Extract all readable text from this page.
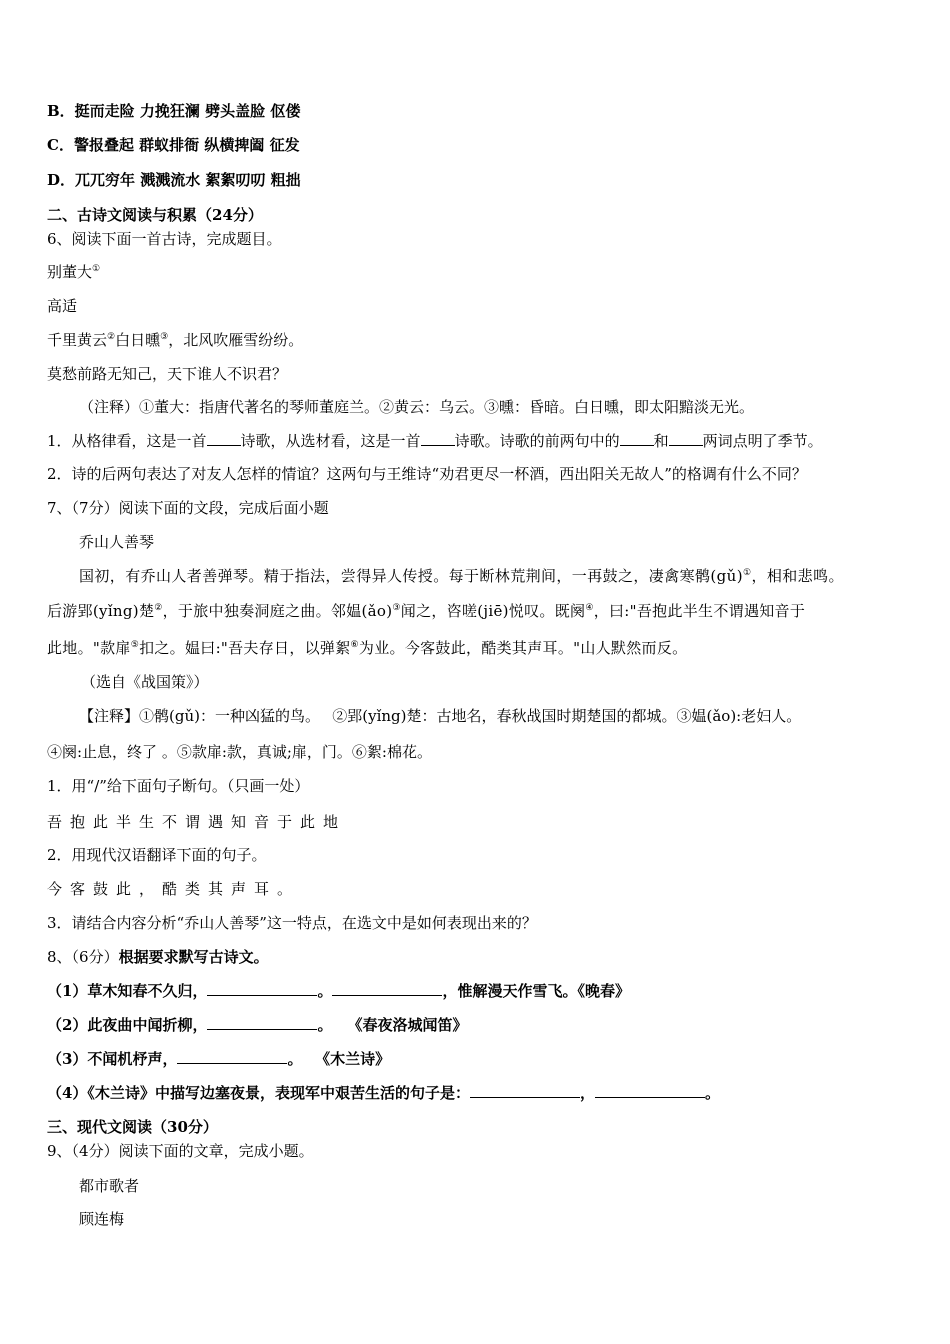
B．挺而走险 力挽狂澜 劈头盖脸 伛偻
C．警报叠起 群蚁排衙 纵横捭阖 征发
D．兀兀穷年 溅溅流水 絮絮叨叨 粗拙
二、古诗文阅读与积累（24分）
6、阅读下面一首古诗，完成题目。
别董大①
高适
千里黄云②白日曛③，北风吹雁雪纷纷。
莫愁前路无知己，天下谁人不识君？
（注释）①董大：指唐代著名的琴师董庭兰。②黄云：乌云。③曛：昏暗。白日曛，即太阳黯淡无光。
1．从格律看，这是一首 诗歌，从选材看，这是一首 诗歌。诗歌的前两句中的 和 两词点明了季节。
2．诗的后两句表达了对友人怎样的情谊？这两句与王维诗“劝君更尽一杯酒，西出阳关无故人”的格调有什么不同？
7、（7分）阅读下面的文段，完成后面小题
乔山人善琴
国初，有乔山人者善弹琴。精于指法，尝得异人传授。每于断林荒荆间，一再鼓之，凄禽寒鹘(gǔ)①，相和悲鸣。
后游郢(yǐng)楚②，于旅中独奏洞庭之曲。邻媪(ǎo)③闻之，咨嗟(jiē)悦叹。既阕④，曰:"吾抱此半生不谓遇知音于
此地。"款扉⑤扣之。媪曰:"吾夫存日，以弹絮⑥为业。今客鼓此，酷类其声耳。"山人默然而反。
（选自《战国策》）
【注释】①鹘(gǔ)：一种凶猛的鸟。　 ②郢(yǐng)楚：古地名，春秋战国时期楚国的都城。③媪(ǎo):老妇人。
④阕:止息，终了 。⑤款扉:款，真诚;扉，门。⑥絮:棉花。
1．用“/”给下面句子断句。（只画一处）
吾抱此半生不谓遇知音于此地
2．用现代汉语翻译下面的句子。
今客鼓此，酷类其声耳。
3．请结合内容分析“乔山人善琴”这一特点，在选文中是如何表现出来的？
8、（6分）根据要求默写古诗文。
（1）草木知春不久归，	。	，惟解漫天作雪飞。《晚春》
（2）此夜曲中闻折柳，	。　　《春夜洛城闻笛》
（3）不闻机杼声，	。　 《木兰诗》
（4）《木兰诗》中描写边塞夜景，表现军中艰苦生活的句子是：	，	。
三、现代文阅读（30分）
9、（4分）阅读下面的文章，完成小题。
都市歌者
顾连梅
